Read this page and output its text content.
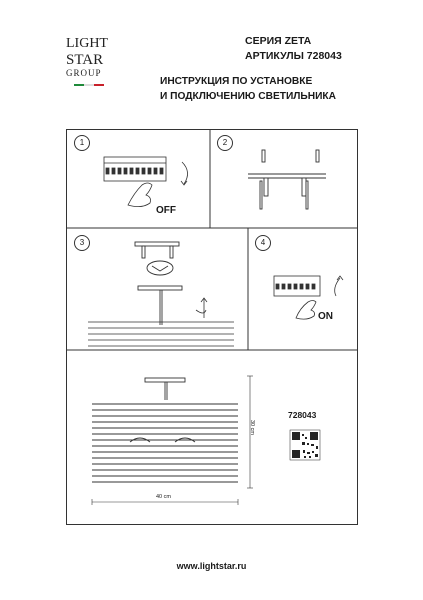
LIGHT
STAR
GROUP
СЕРИЯ ZETA
АРТИКУЛЫ 728043
ИНСТРУКЦИЯ ПО УСТАНОВКЕ
И ПОДКЛЮЧЕНИЮ СВЕТИЛЬНИКА
1	2
3	4
OFF
ON
728043
30 cm
40 cm
www.lightstar.ru
